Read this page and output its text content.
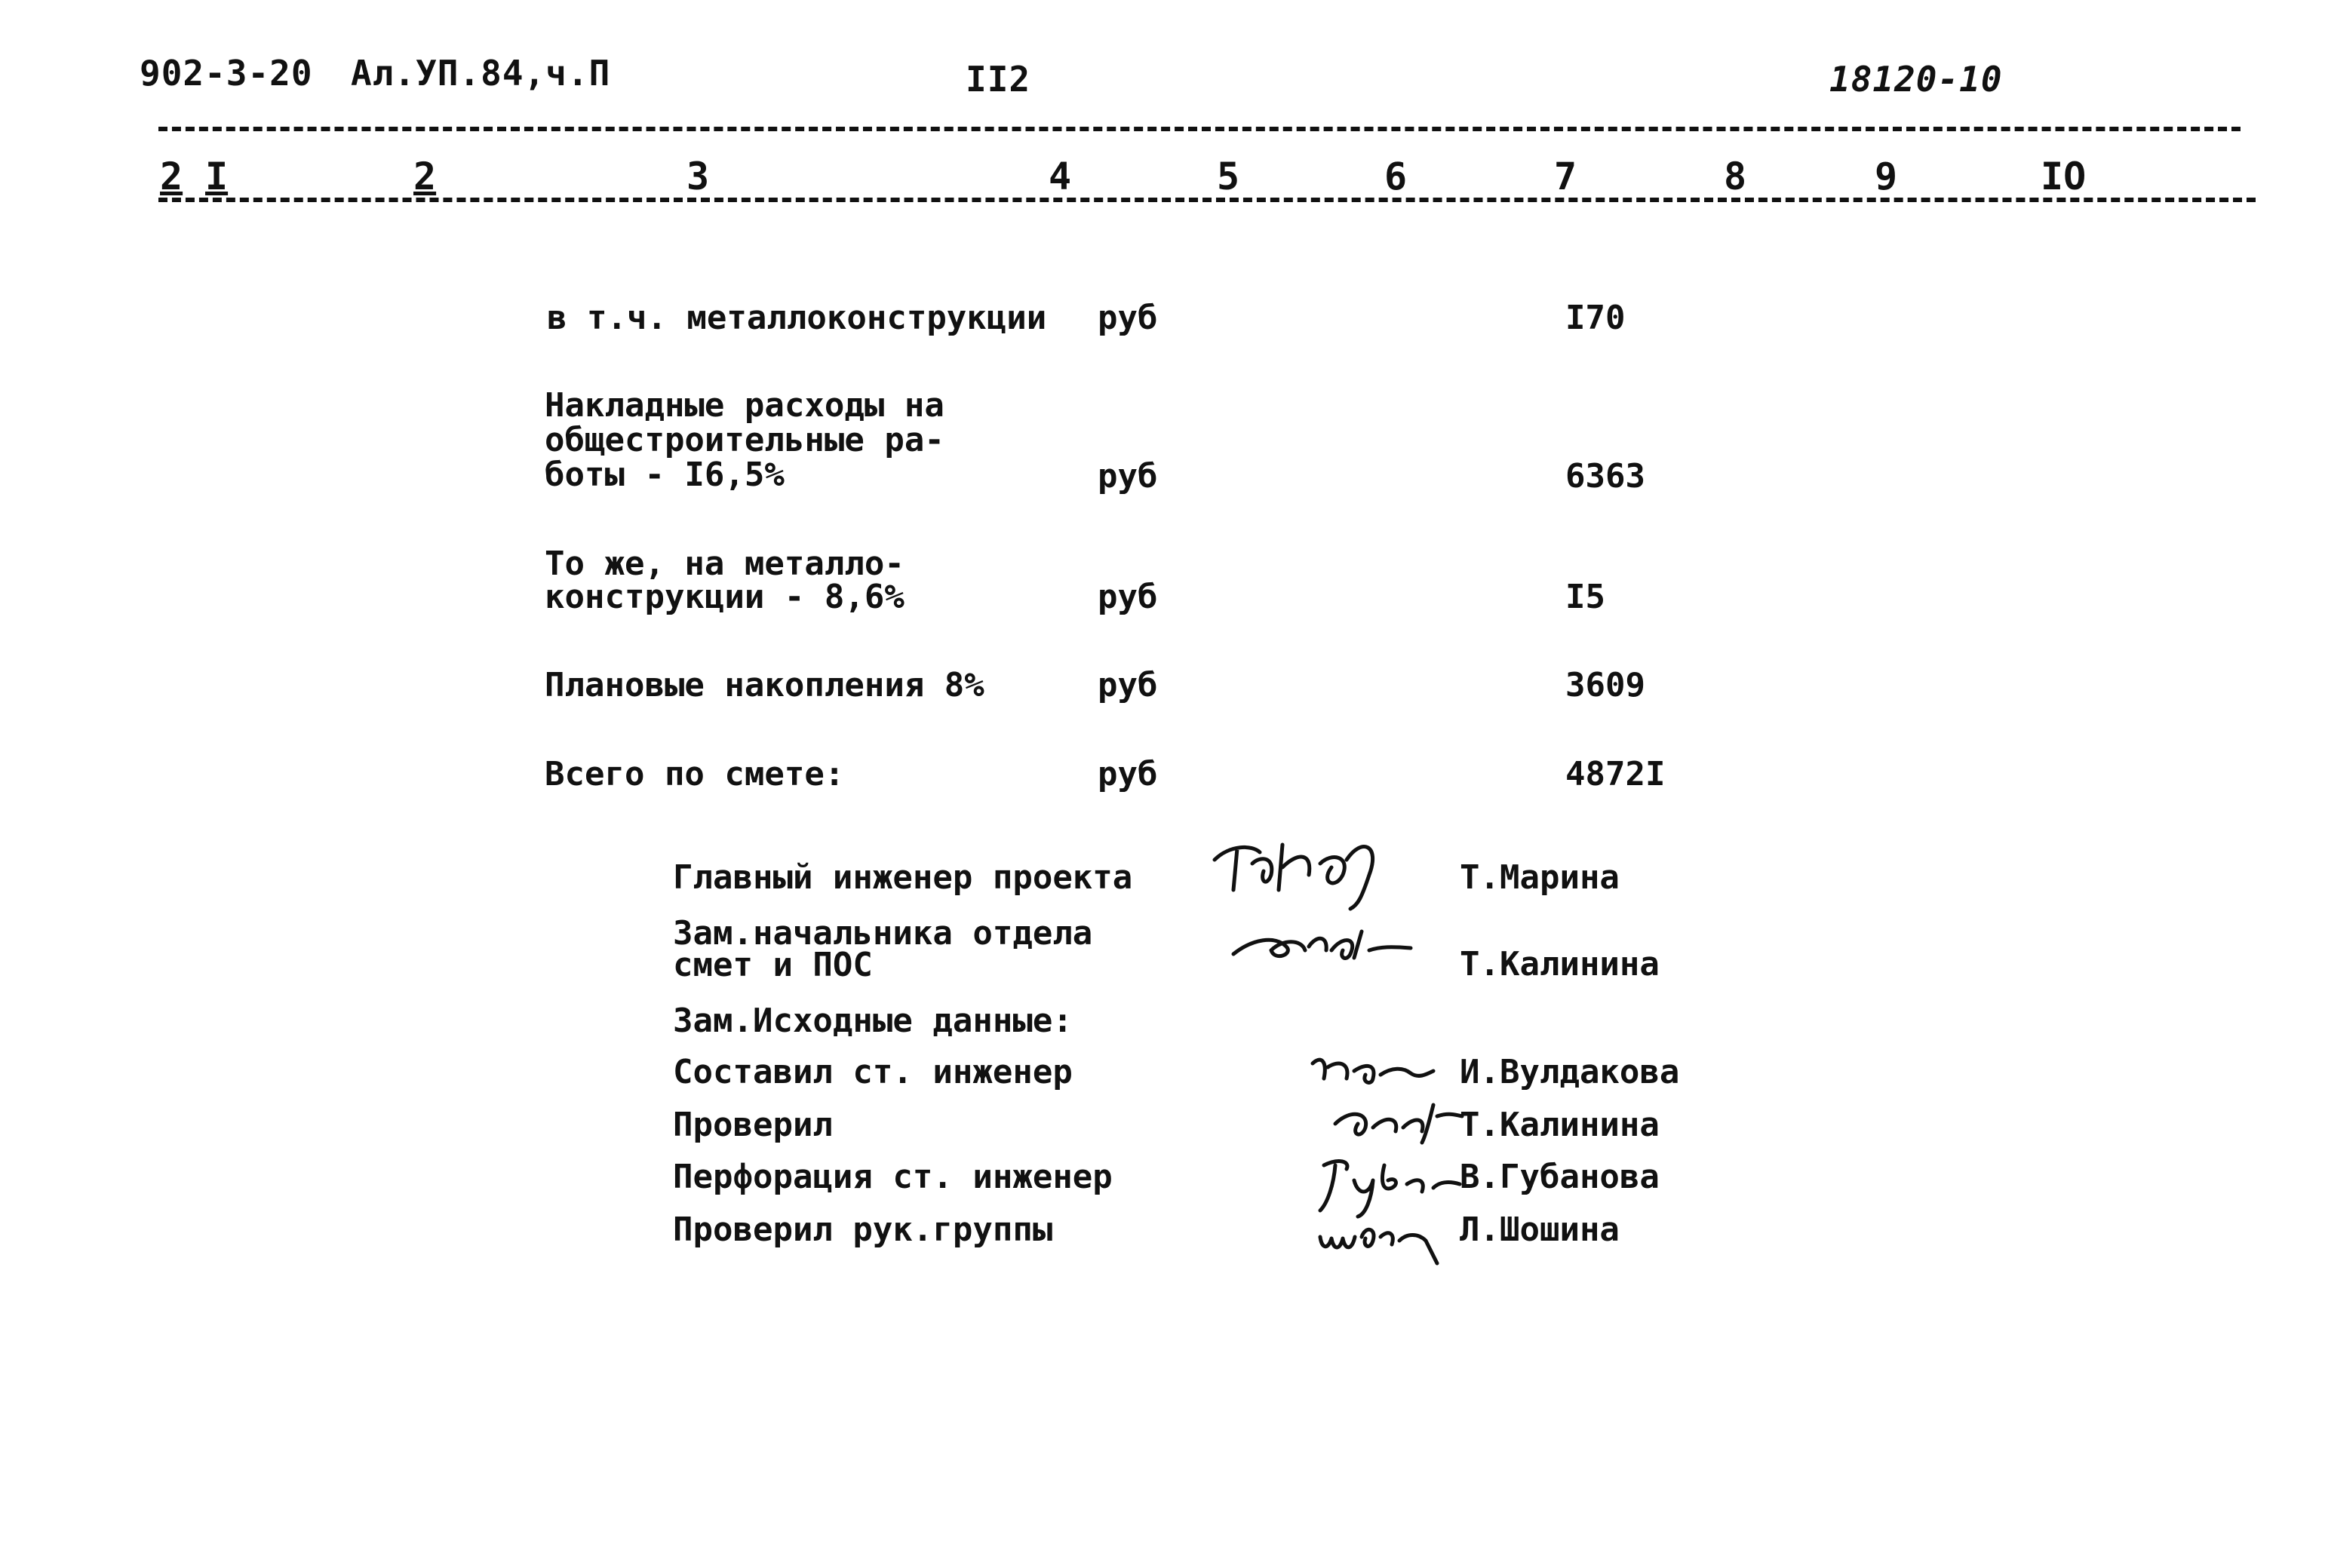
902-3-20 Ал.УП.84,ч.П	II2	18120-10
2 I	2	3	4	5	6	7	8	9	IO
в т.ч. металлоконструкции руб	I70
Накладные расходы на
общестроительные ра-
боты - I6,5%	руб	6363
То же, на металло-
конструкции - 8,6%	руб	I5
Плановые накопления 8%	руб	3609
Всего по смете:	руб	4872I
Главный инженер проекта	Т.Марина
Зам.начальника отдела
смет и ПОС	Т.Калинина
Зам.Исходные данные:
Составил ст. инженер	И.Вулдакова
Проверил	Т.Калинина
Перфорация ст. инженер	В.Губанова
Проверил рук.группы	Л.Шошина
